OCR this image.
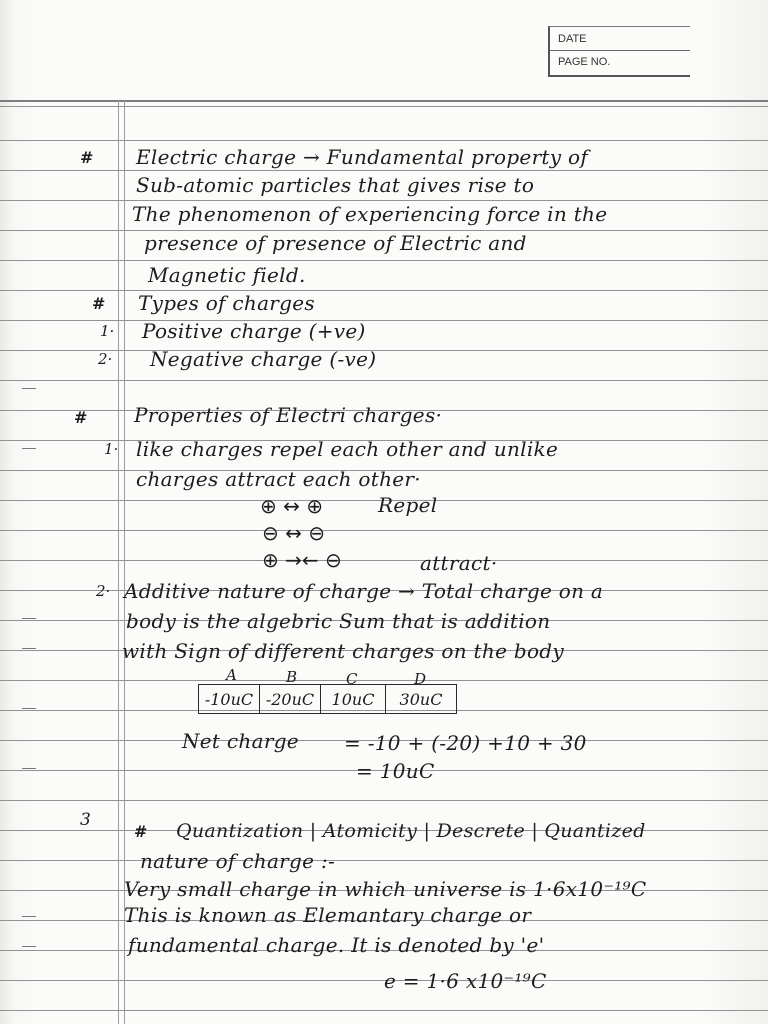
DATE
PAGE NO.
# Electric charge → Fundamental property of
Sub-atomic particles that gives rise to
The phenomenon of experiencing force in the
presence of presence of Electric and
Magnetic field.
# Types of charges
1· Positive charge (+ve)
2· Negative charge (-ve)
# Properties of Electri charges·
1· like charges repel each other and unlike
charges attract each other·
⊕ ↔ ⊕	Repel
⊖ ↔ ⊖
⊕ →← ⊖	attract·
2· Additive nature of charge → Total charge on a
body is the algebric Sum that is addition
with Sign of different charges on the body
A	B	C	D
-10uC	-20uC	10uC	30uC
Net charge = -10 + (-20) +10 + 30
= 10uC
3
# Quantization | Atomicity | Descrete | Quantized
nature of charge :-
Very small charge in which universe is 1·6x10⁻¹⁹C
This is known as Elemantary charge or
fundamental charge. It is denoted by 'e'
e = 1·6 x10⁻¹⁹C
